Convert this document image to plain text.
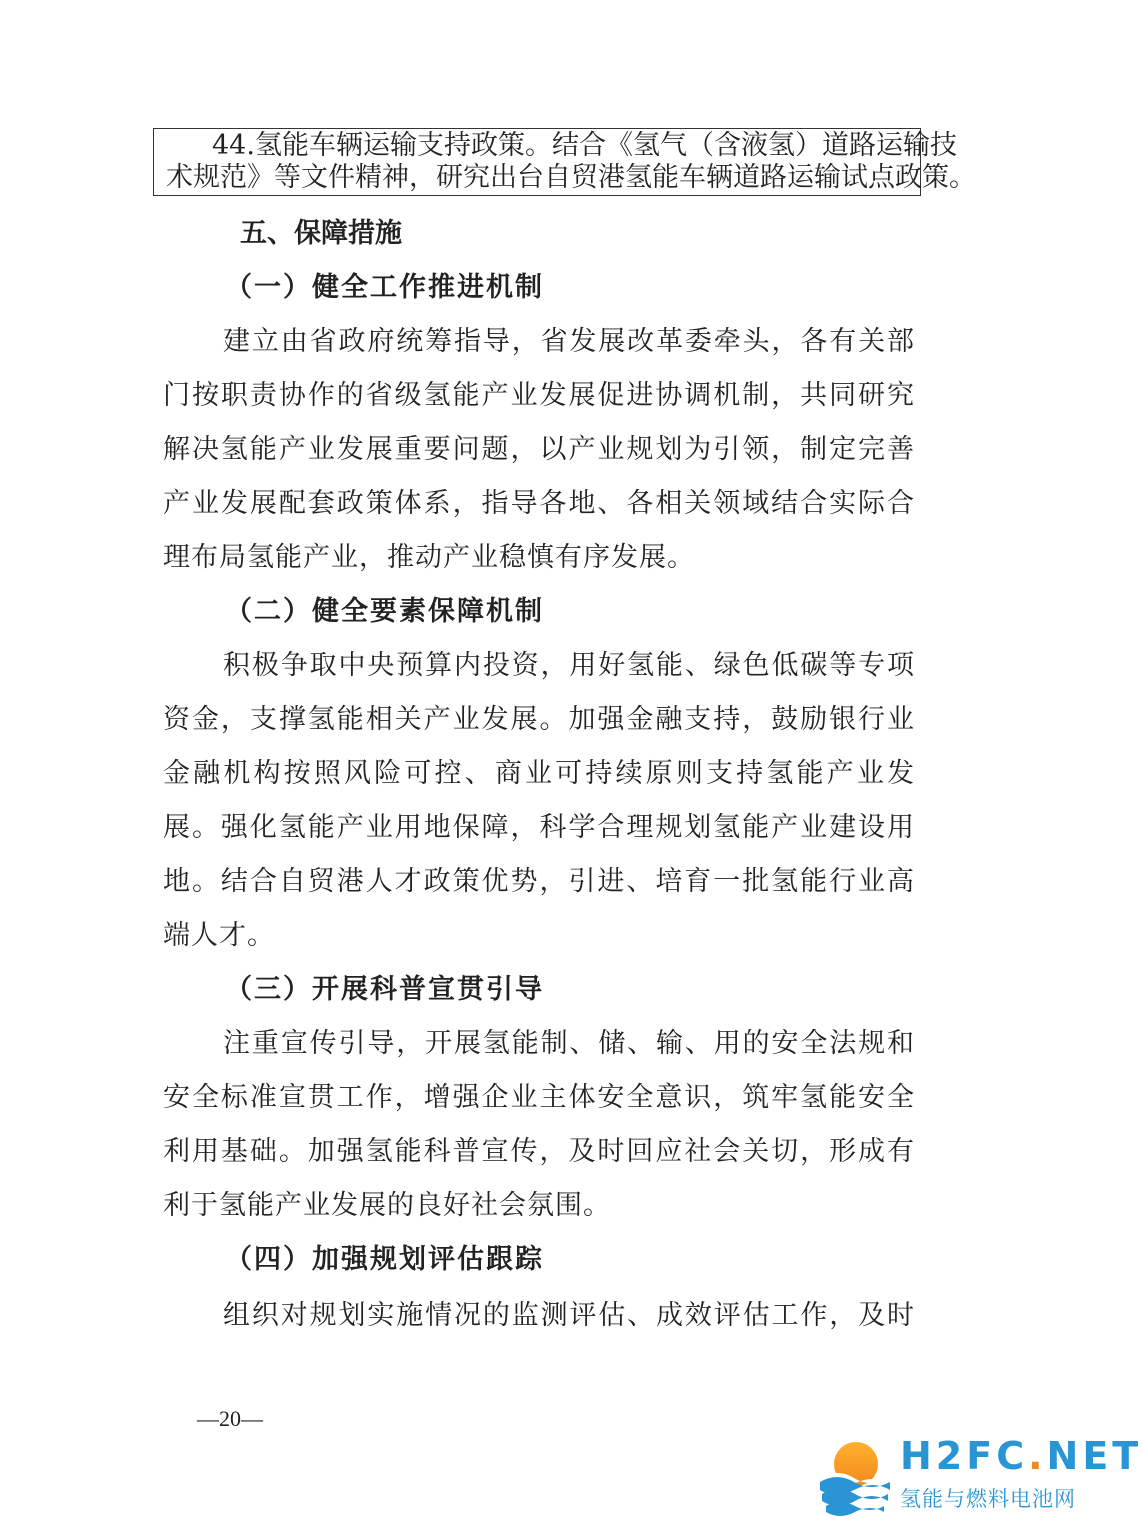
44.氢能车辆运输支持政策。结合《氢气（含液氢）道路运输技
术规范》等文件精神，研究出台自贸港氢能车辆道路运输试点政策。
五、保障措施
（一）健全工作推进机制
建立由省政府统筹指导，省发展改革委牵头，各有关部
门按职责协作的省级氢能产业发展促进协调机制，共同研究
解决氢能产业发展重要问题，以产业规划为引领，制定完善
产业发展配套政策体系，指导各地、各相关领域结合实际合
理布局氢能产业，推动产业稳慎有序发展。
（二）健全要素保障机制
积极争取中央预算内投资，用好氢能、绿色低碳等专项
资金，支撑氢能相关产业发展。加强金融支持，鼓励银行业
金融机构按照风险可控、商业可持续原则支持氢能产业发
展。强化氢能产业用地保障，科学合理规划氢能产业建设用
地。结合自贸港人才政策优势，引进、培育一批氢能行业高
端人才。
（三）开展科普宣贯引导
注重宣传引导，开展氢能制、储、输、用的安全法规和
安全标准宣贯工作，增强企业主体安全意识，筑牢氢能安全
利用基础。加强氢能科普宣传，及时回应社会关切，形成有
利于氢能产业发展的良好社会氛围。
（四）加强规划评估跟踪
组织对规划实施情况的监测评估、成效评估工作，及时
—20—
H2FC.NET
氢能与燃料电池网
